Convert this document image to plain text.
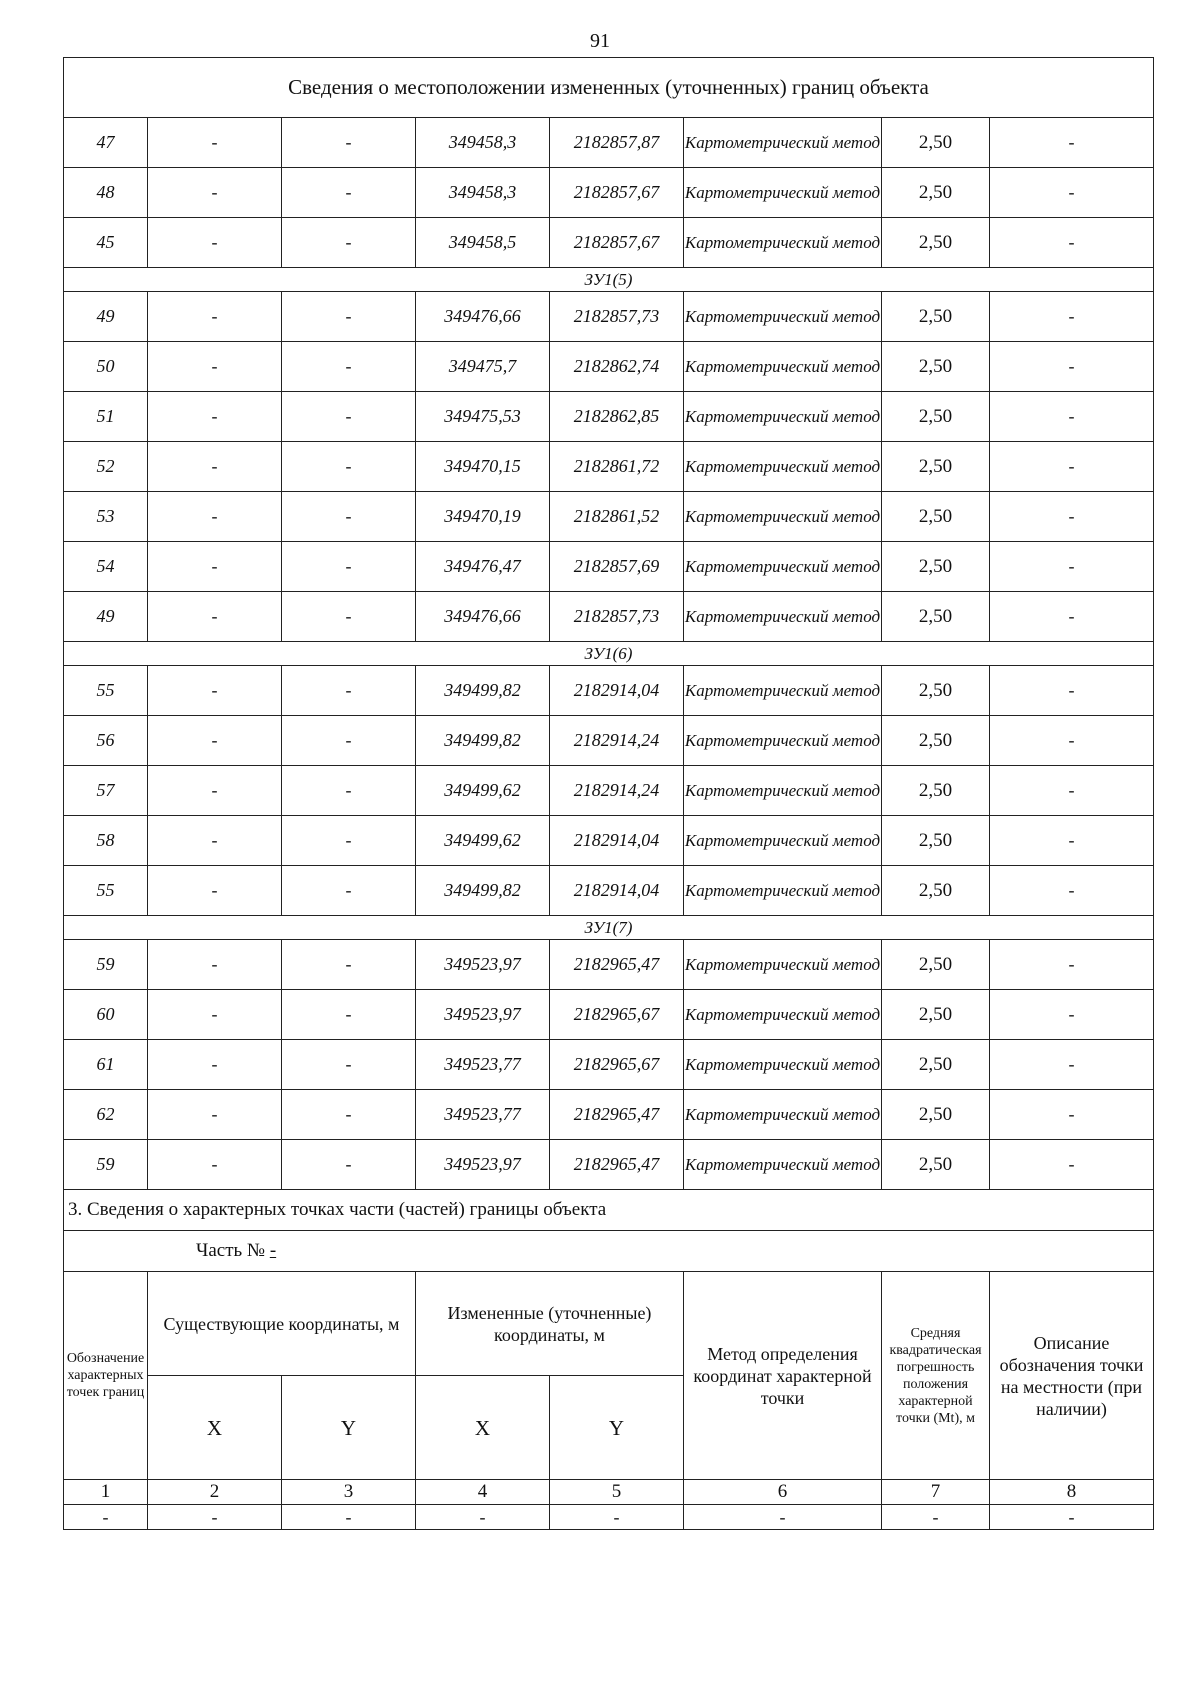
91
Сведения о местоположении измененных (уточненных) границ объекта							
47	-	-	349458,3	2182857,87	Картометрический метод	2,50	-
48	-	-	349458,3	2182857,67	Картометрический метод	2,50	-
45	-	-	349458,5	2182857,67	Картометрический метод	2,50	-
ЗУ1(5)							
49	-	-	349476,66	2182857,73	Картометрический метод	2,50	-
50	-	-	349475,7	2182862,74	Картометрический метод	2,50	-
51	-	-	349475,53	2182862,85	Картометрический метод	2,50	-
52	-	-	349470,15	2182861,72	Картометрический метод	2,50	-
53	-	-	349470,19	2182861,52	Картометрический метод	2,50	-
54	-	-	349476,47	2182857,69	Картометрический метод	2,50	-
49	-	-	349476,66	2182857,73	Картометрический метод	2,50	-
ЗУ1(6)							
55	-	-	349499,82	2182914,04	Картометрический метод	2,50	-
56	-	-	349499,82	2182914,24	Картометрический метод	2,50	-
57	-	-	349499,62	2182914,24	Картометрический метод	2,50	-
58	-	-	349499,62	2182914,04	Картометрический метод	2,50	-
55	-	-	349499,82	2182914,04	Картометрический метод	2,50	-
ЗУ1(7)							
59	-	-	349523,97	2182965,47	Картометрический метод	2,50	-
60	-	-	349523,97	2182965,67	Картометрический метод	2,50	-
61	-	-	349523,77	2182965,67	Картометрический метод	2,50	-
62	-	-	349523,77	2182965,47	Картометрический метод	2,50	-
59	-	-	349523,97	2182965,47	Картометрический метод	2,50	-
3. Сведения о характерных точках части (частей) границы объекта							
Часть № -							
Обозначение характерных точек границ	Существующие координаты, м		Измененные (уточненные) координаты, м		Метод определения координат характерной точки	Средняя квадратическая погрешность положения характерной точки (Mt), м	Описание обозначения точки на местности (при наличии)
	X	Y	X	Y			
1	2	3	4	5	6	7	8
-	-	-	-	-	-	-	-
